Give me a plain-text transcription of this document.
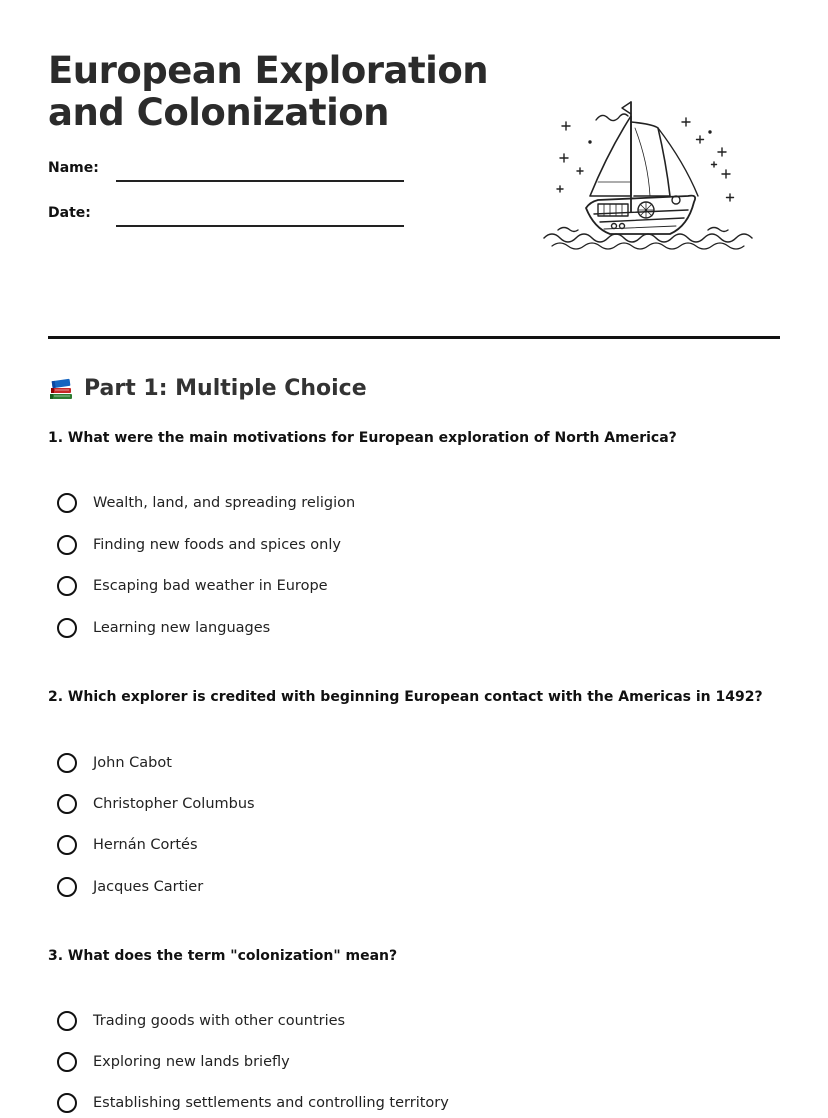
European Exploration
and Colonization
Name:
Date:
Part 1: Multiple Choice

1. What were the main motivations for European exploration of North America?

Wealth, land, and spreading religion
Finding new foods and spices only
Escaping bad weather in Europe
Learning new languages

2. Which explorer is credited with beginning European contact with the Americas in 1492?

John Cabot
Christopher Columbus
Hernán Cortés
Jacques Cartier

3. What does the term "colonization" mean?

Trading goods with other countries
Exploring new lands briefly
Establishing settlements and controlling territory
